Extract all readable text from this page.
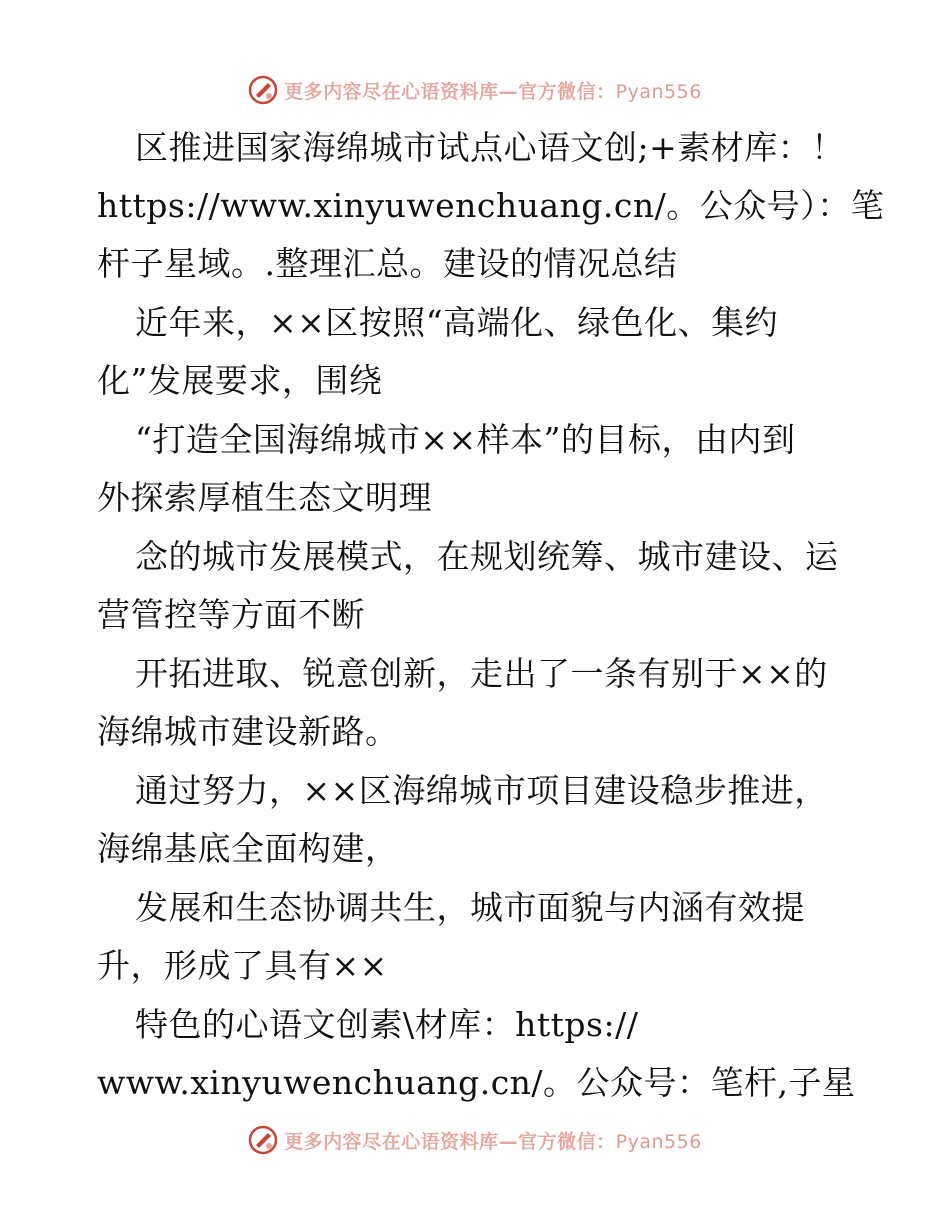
更多内容尽在心语资料库—官方微信：Pyan556
区推进国家海绵城市试点心语文创;+素材库：！
https://www.xinyuwenchuang.cn/。公众号）：笔
杆子星域。.整理汇总。建设的情况总结
近年来，××区按照“高端化、绿色化、集约
化”发展要求，围绕
“打造全国海绵城市××样本”的目标，由内到
外探索厚植生态文明理
念的城市发展模式，在规划统筹、城市建设、运
营管控等方面不断
开拓进取、锐意创新，走出了一条有别于××的
海绵城市建设新路。
通过努力，××区海绵城市项目建设稳步推进，
海绵基底全面构建，
发展和生态协调共生，城市面貌与内涵有效提
升，形成了具有××
特色的心语文创素\材库：https://
www.xinyuwenchuang.cn/。公众号：笔杆,子星
更多内容尽在心语资料库—官方微信：Pyan556
